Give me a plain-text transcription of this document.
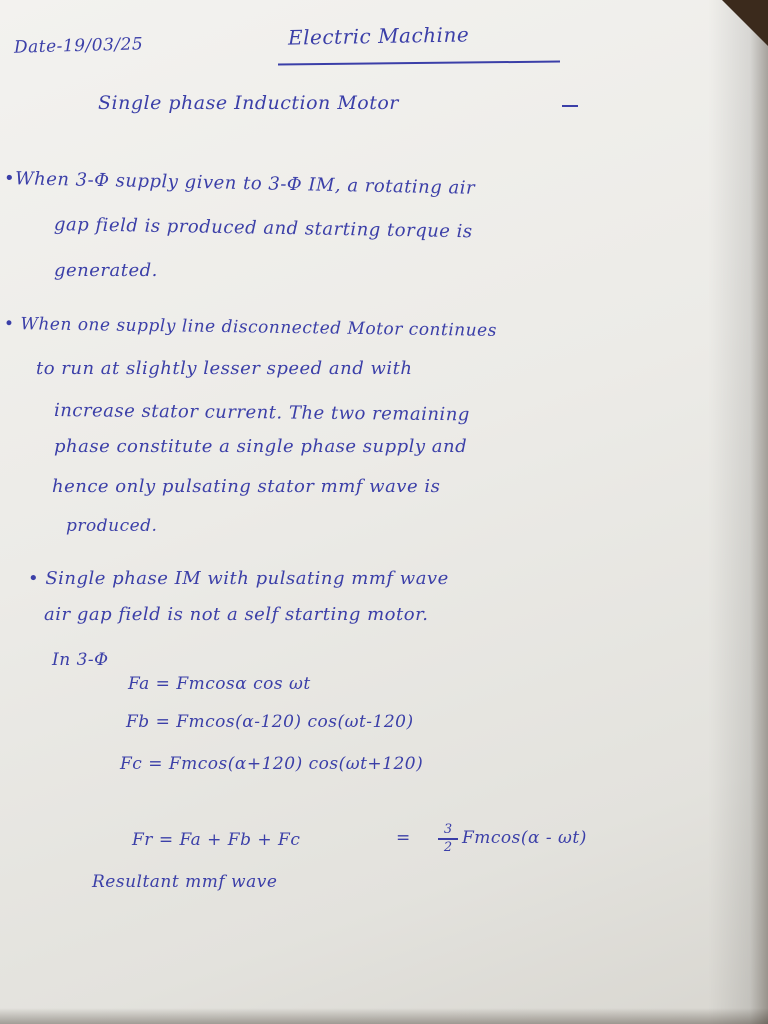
Date-19/03/25	Electric Machine
Single phase Induction Motor
•When 3-Φ supply given to 3-Φ IM, a rotating air
gap field is produced and starting torque is
generated.
• When one supply line disconnected Motor continues
to run at slightly lesser speed and with
increase stator current. The two remaining
phase constitute a single phase supply and
hence only pulsating stator mmf wave is
produced.
• Single phase IM with pulsating mmf wave
air gap field is not a self starting motor.
In 3-Φ
Fa = Fmcosα cos ωt
Fb = Fmcos(α-120) cos(ωt-120)
Fc = Fmcos(α+120) cos(ωt+120)
Fr = Fa + Fb + Fc	=	3
2 Fmcos(α - ωt)
Resultant mmf wave
